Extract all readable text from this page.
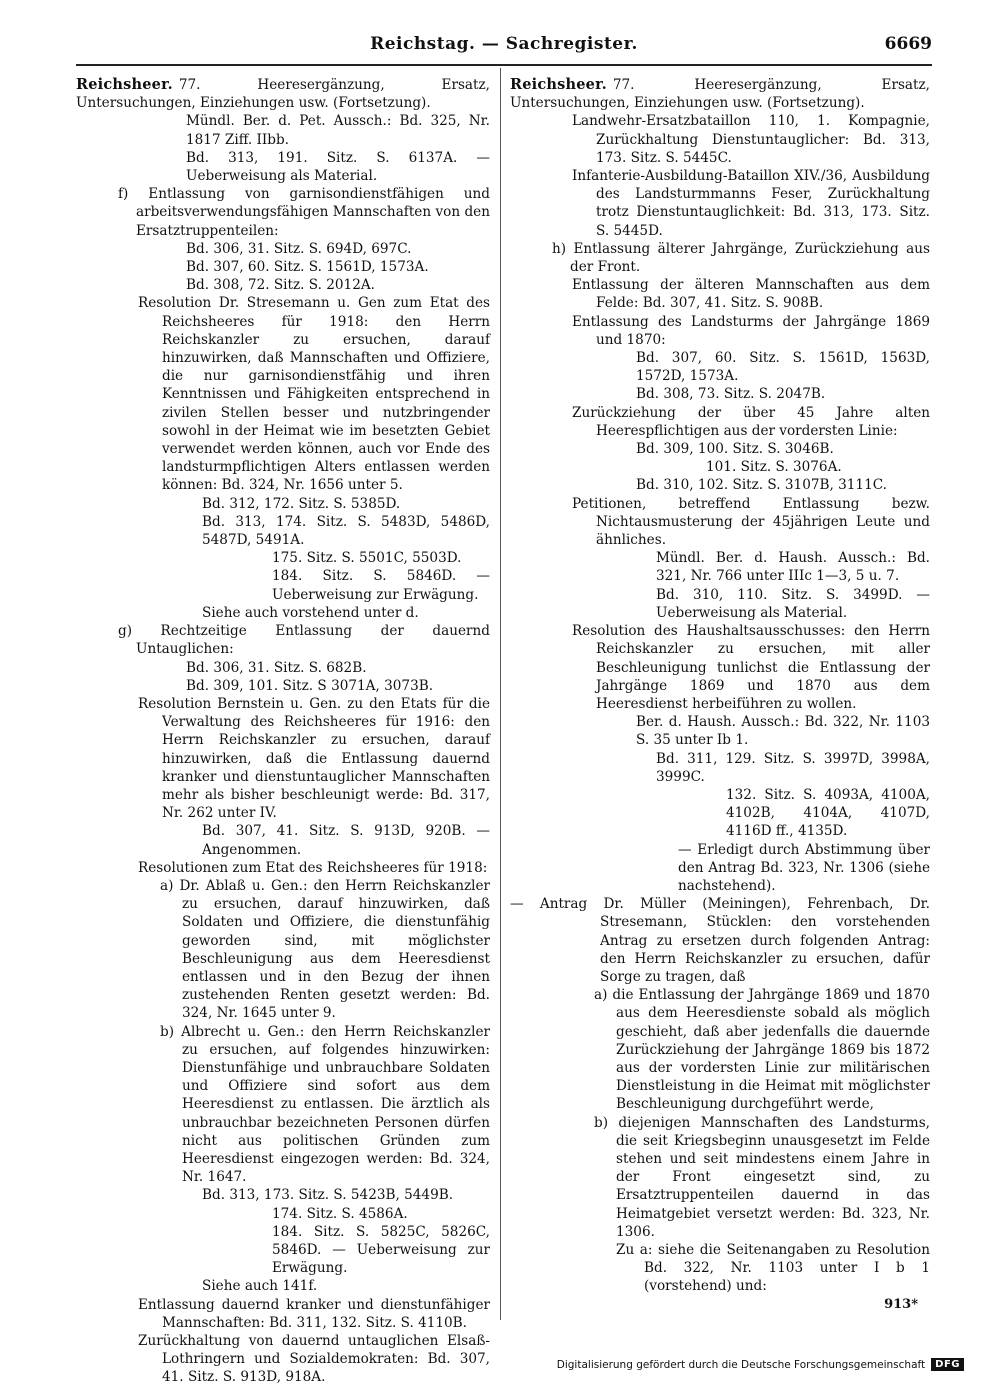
Reichstag. — Sachregister.	6669

Reichsheer. 77. Heeresergänzung, Ersatz, Untersuchungen, Einziehungen usw. (Fortsetzung).

Mündl. Ber. d. Pet. Aussch.: Bd. 325, Nr. 1817 Ziff. IIbb.

Bd. 313, 191. Sitz. S. 6137A. — Ueberweisung als Material.

f) Entlassung von garnisondienstfähigen und arbeitsverwendungsfähigen Mannschaften von den Ersatztruppenteilen:

Bd. 306, 31. Sitz. S. 694D, 697C.

Bd. 307, 60. Sitz. S. 1561D, 1573A.

Bd. 308, 72. Sitz. S. 2012A.

Resolution Dr. Stresemann u. Gen zum Etat des Reichsheeres für 1918: den Herrn Reichskanzler zu ersuchen, darauf hinzuwirken, daß Mannschaften und Offiziere, die nur garnisondienstfähig und ihren Kenntnissen und Fähigkeiten entsprechend in zivilen Stellen besser und nutzbringender sowohl in der Heimat wie im besetzten Gebiet verwendet werden können, auch vor Ende des landsturmpflichtigen Alters entlassen werden können: Bd. 324, Nr. 1656 unter 5.

Bd. 312, 172. Sitz. S. 5385D.

Bd. 313, 174. Sitz. S. 5483D, 5486D, 5487D, 5491A.

175. Sitz. S. 5501C, 5503D.

184. Sitz. S. 5846D. — Ueberweisung zur Erwägung.

Siehe auch vorstehend unter d.

g) Rechtzeitige Entlassung der dauernd Untauglichen:

Bd. 306, 31. Sitz. S. 682B.

Bd. 309, 101. Sitz. S 3071A, 3073B.

Resolution Bernstein u. Gen. zu den Etats für die Verwaltung des Reichsheeres für 1916: den Herrn Reichskanzler zu ersuchen, darauf hinzuwirken, daß die Entlassung dauernd kranker und dienstuntauglicher Mannschaften mehr als bisher beschleunigt werde: Bd. 317, Nr. 262 unter IV.

Bd. 307, 41. Sitz. S. 913D, 920B. — Angenommen.

Resolutionen zum Etat des Reichsheeres für 1918:

a) Dr. Ablaß u. Gen.: den Herrn Reichskanzler zu ersuchen, darauf hinzuwirken, daß Soldaten und Offiziere, die dienstunfähig geworden sind, mit möglichster Beschleunigung aus dem Heeresdienst entlassen und in den Bezug der ihnen zustehenden Renten gesetzt werden: Bd. 324, Nr. 1645 unter 9.

b) Albrecht u. Gen.: den Herrn Reichskanzler zu ersuchen, auf folgendes hinzuwirken: Dienstunfähige und unbrauchbare Soldaten und Offiziere sind sofort aus dem Heeresdienst zu entlassen. Die ärztlich als unbrauchbar bezeichneten Personen dürfen nicht aus politischen Gründen zum Heeresdienst eingezogen werden: Bd. 324, Nr. 1647.

Bd. 313, 173. Sitz. S. 5423B, 5449B.

174. Sitz. S. 4586A.

184. Sitz. S. 5825C, 5826C, 5846D. — Ueberweisung zur Erwägung.

Siehe auch 141f.

Entlassung dauernd kranker und dienstunfähiger Mannschaften: Bd. 311, 132. Sitz. S. 4110B.

Zurückhaltung von dauernd untauglichen Elsaß-Lothringern und Sozialdemokraten: Bd. 307, 41. Sitz. S. 913D, 918A.

Reichsheer. 77. Heeresergänzung, Ersatz, Untersuchungen, Einziehungen usw. (Fortsetzung).

Landwehr-Ersatzbataillon 110, 1. Kompagnie, Zurückhaltung Dienstuntauglicher: Bd. 313, 173. Sitz. S. 5445C.

Infanterie-Ausbildung-Bataillon XIV./36, Ausbildung des Landsturmmanns Feser, Zurückhaltung trotz Dienstuntauglichkeit: Bd. 313, 173. Sitz. S. 5445D.

h) Entlassung älterer Jahrgänge, Zurückziehung aus der Front.

Entlassung der älteren Mannschaften aus dem Felde: Bd. 307, 41. Sitz. S. 908B.

Entlassung des Landsturms der Jahrgänge 1869 und 1870:

Bd. 307, 60. Sitz. S. 1561D, 1563D, 1572D, 1573A.

Bd. 308, 73. Sitz. S. 2047B.

Zurückziehung der über 45 Jahre alten Heerespflichtigen aus der vordersten Linie:

Bd. 309, 100. Sitz. S. 3046B.

101. Sitz. S. 3076A.

Bd. 310, 102. Sitz. S. 3107B, 3111C.

Petitionen, betreffend Entlassung bezw. Nichtausmusterung der 45jährigen Leute und ähnliches.

Mündl. Ber. d. Haush. Aussch.: Bd. 321, Nr. 766 unter IIIc 1—3, 5 u. 7.

Bd. 310, 110. Sitz. S. 3499D. — Ueberweisung als Material.

Resolution des Haushaltsausschusses: den Herrn Reichskanzler zu ersuchen, mit aller Beschleunigung tunlichst die Entlassung der Jahrgänge 1869 und 1870 aus dem Heeresdienst herbeiführen zu wollen.

Ber. d. Haush. Aussch.: Bd. 322, Nr. 1103 S. 35 unter Ib 1.

Bd. 311, 129. Sitz. S. 3997D, 3998A, 3999C.

132. Sitz. S. 4093A, 4100A, 4102B, 4104A, 4107D, 4116D ff., 4135D.

— Erledigt durch Abstimmung über den Antrag Bd. 323, Nr. 1306 (siehe nachstehend).

— Antrag Dr. Müller (Meiningen), Fehrenbach, Dr. Stresemann, Stücklen: den vorstehenden Antrag zu ersetzen durch folgenden Antrag: den Herrn Reichskanzler zu ersuchen, dafür Sorge zu tragen, daß

a) die Entlassung der Jahrgänge 1869 und 1870 aus dem Heeresdienste sobald als möglich geschieht, daß aber jedenfalls die dauernde Zurückziehung der Jahrgänge 1869 bis 1872 aus der vordersten Linie zur militärischen Dienstleistung in die Heimat mit möglichster Beschleunigung durchgeführt werde,

b) diejenigen Mannschaften des Landsturms, die seit Kriegsbeginn unausgesetzt im Felde stehen und seit mindestens einem Jahre in der Front eingesetzt sind, zu Ersatztruppenteilen dauernd in das Heimatgebiet versetzt werden: Bd. 323, Nr. 1306.

Zu a: siehe die Seitenangaben zu Resolution Bd. 322, Nr. 1103 unter I b 1 (vorstehend) und:

913*

Digitalisierung gefördert durch die Deutsche Forschungsgemeinschaft	DFG
